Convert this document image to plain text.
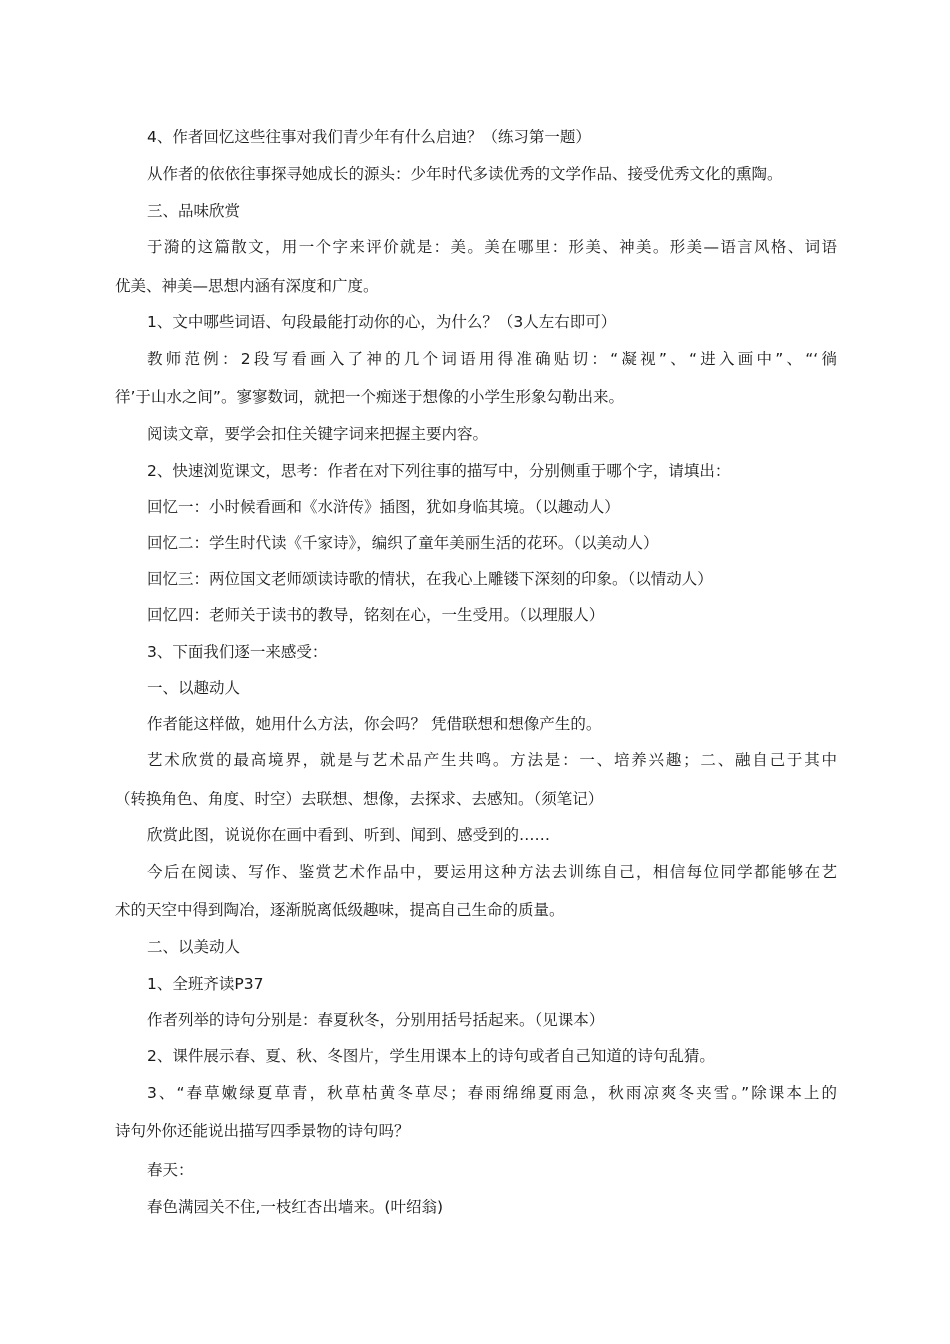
4、作者回忆这些往事对我们青少年有什么启迪？（练习第一题）
从作者的依依往事探寻她成长的源头：少年时代多读优秀的文学作品、接受优秀文化的熏陶。
三、品味欣赏
于漪的这篇散文，用一个字来评价就是：美。美在哪里：形美、神美。形美—语言风格、词语
优美、神美—思想内涵有深度和广度。
1、文中哪些词语、句段最能打动你的心，为什么？（3人左右即可）
教师范例：2段写看画入了神的几个词语用得准确贴切：“凝视”、“进入画中”、“‘徜
徉’于山水之间”。寥寥数词，就把一个痴迷于想像的小学生形象勾勒出来。
阅读文章，要学会扣住关键字词来把握主要内容。
2、快速浏览课文，思考：作者在对下列往事的描写中，分别侧重于哪个字，请填出：
回忆一：小时候看画和《水浒传》插图，犹如身临其境。（以趣动人）
回忆二：学生时代读《千家诗》，编织了童年美丽生活的花环。（以美动人）
回忆三：两位国文老师颂读诗歌的情状，在我心上雕镂下深刻的印象。（以情动人）
回忆四：老师关于读书的教导，铭刻在心，一生受用。（以理服人）
3、下面我们逐一来感受：
一、以趣动人
作者能这样做，她用什么方法，你会吗？ 凭借联想和想像产生的。
艺术欣赏的最高境界，就是与艺术品产生共鸣。方法是：一、培养兴趣；二、融自己于其中
（转换角色、角度、时空）去联想、想像，去探求、去感知。（须笔记）
欣赏此图，说说你在画中看到、听到、闻到、感受到的……
今后在阅读、写作、鉴赏艺术作品中，要运用这种方法去训练自己，相信每位同学都能够在艺
术的天空中得到陶冶，逐渐脱离低级趣味，提高自己生命的质量。
二、以美动人
1、全班齐读P37
作者列举的诗句分别是：春夏秋冬，分别用括号括起来。（见课本）
2、课件展示春、夏、秋、冬图片，学生用课本上的诗句或者自己知道的诗句乱猜。
3、“春草嫩绿夏草青，秋草枯黄冬草尽；春雨绵绵夏雨急，秋雨凉爽冬夹雪。”除课本上的
诗句外你还能说出描写四季景物的诗句吗？
春天：
春色满园关不住,一枝红杏出墙来。(叶绍翁)
